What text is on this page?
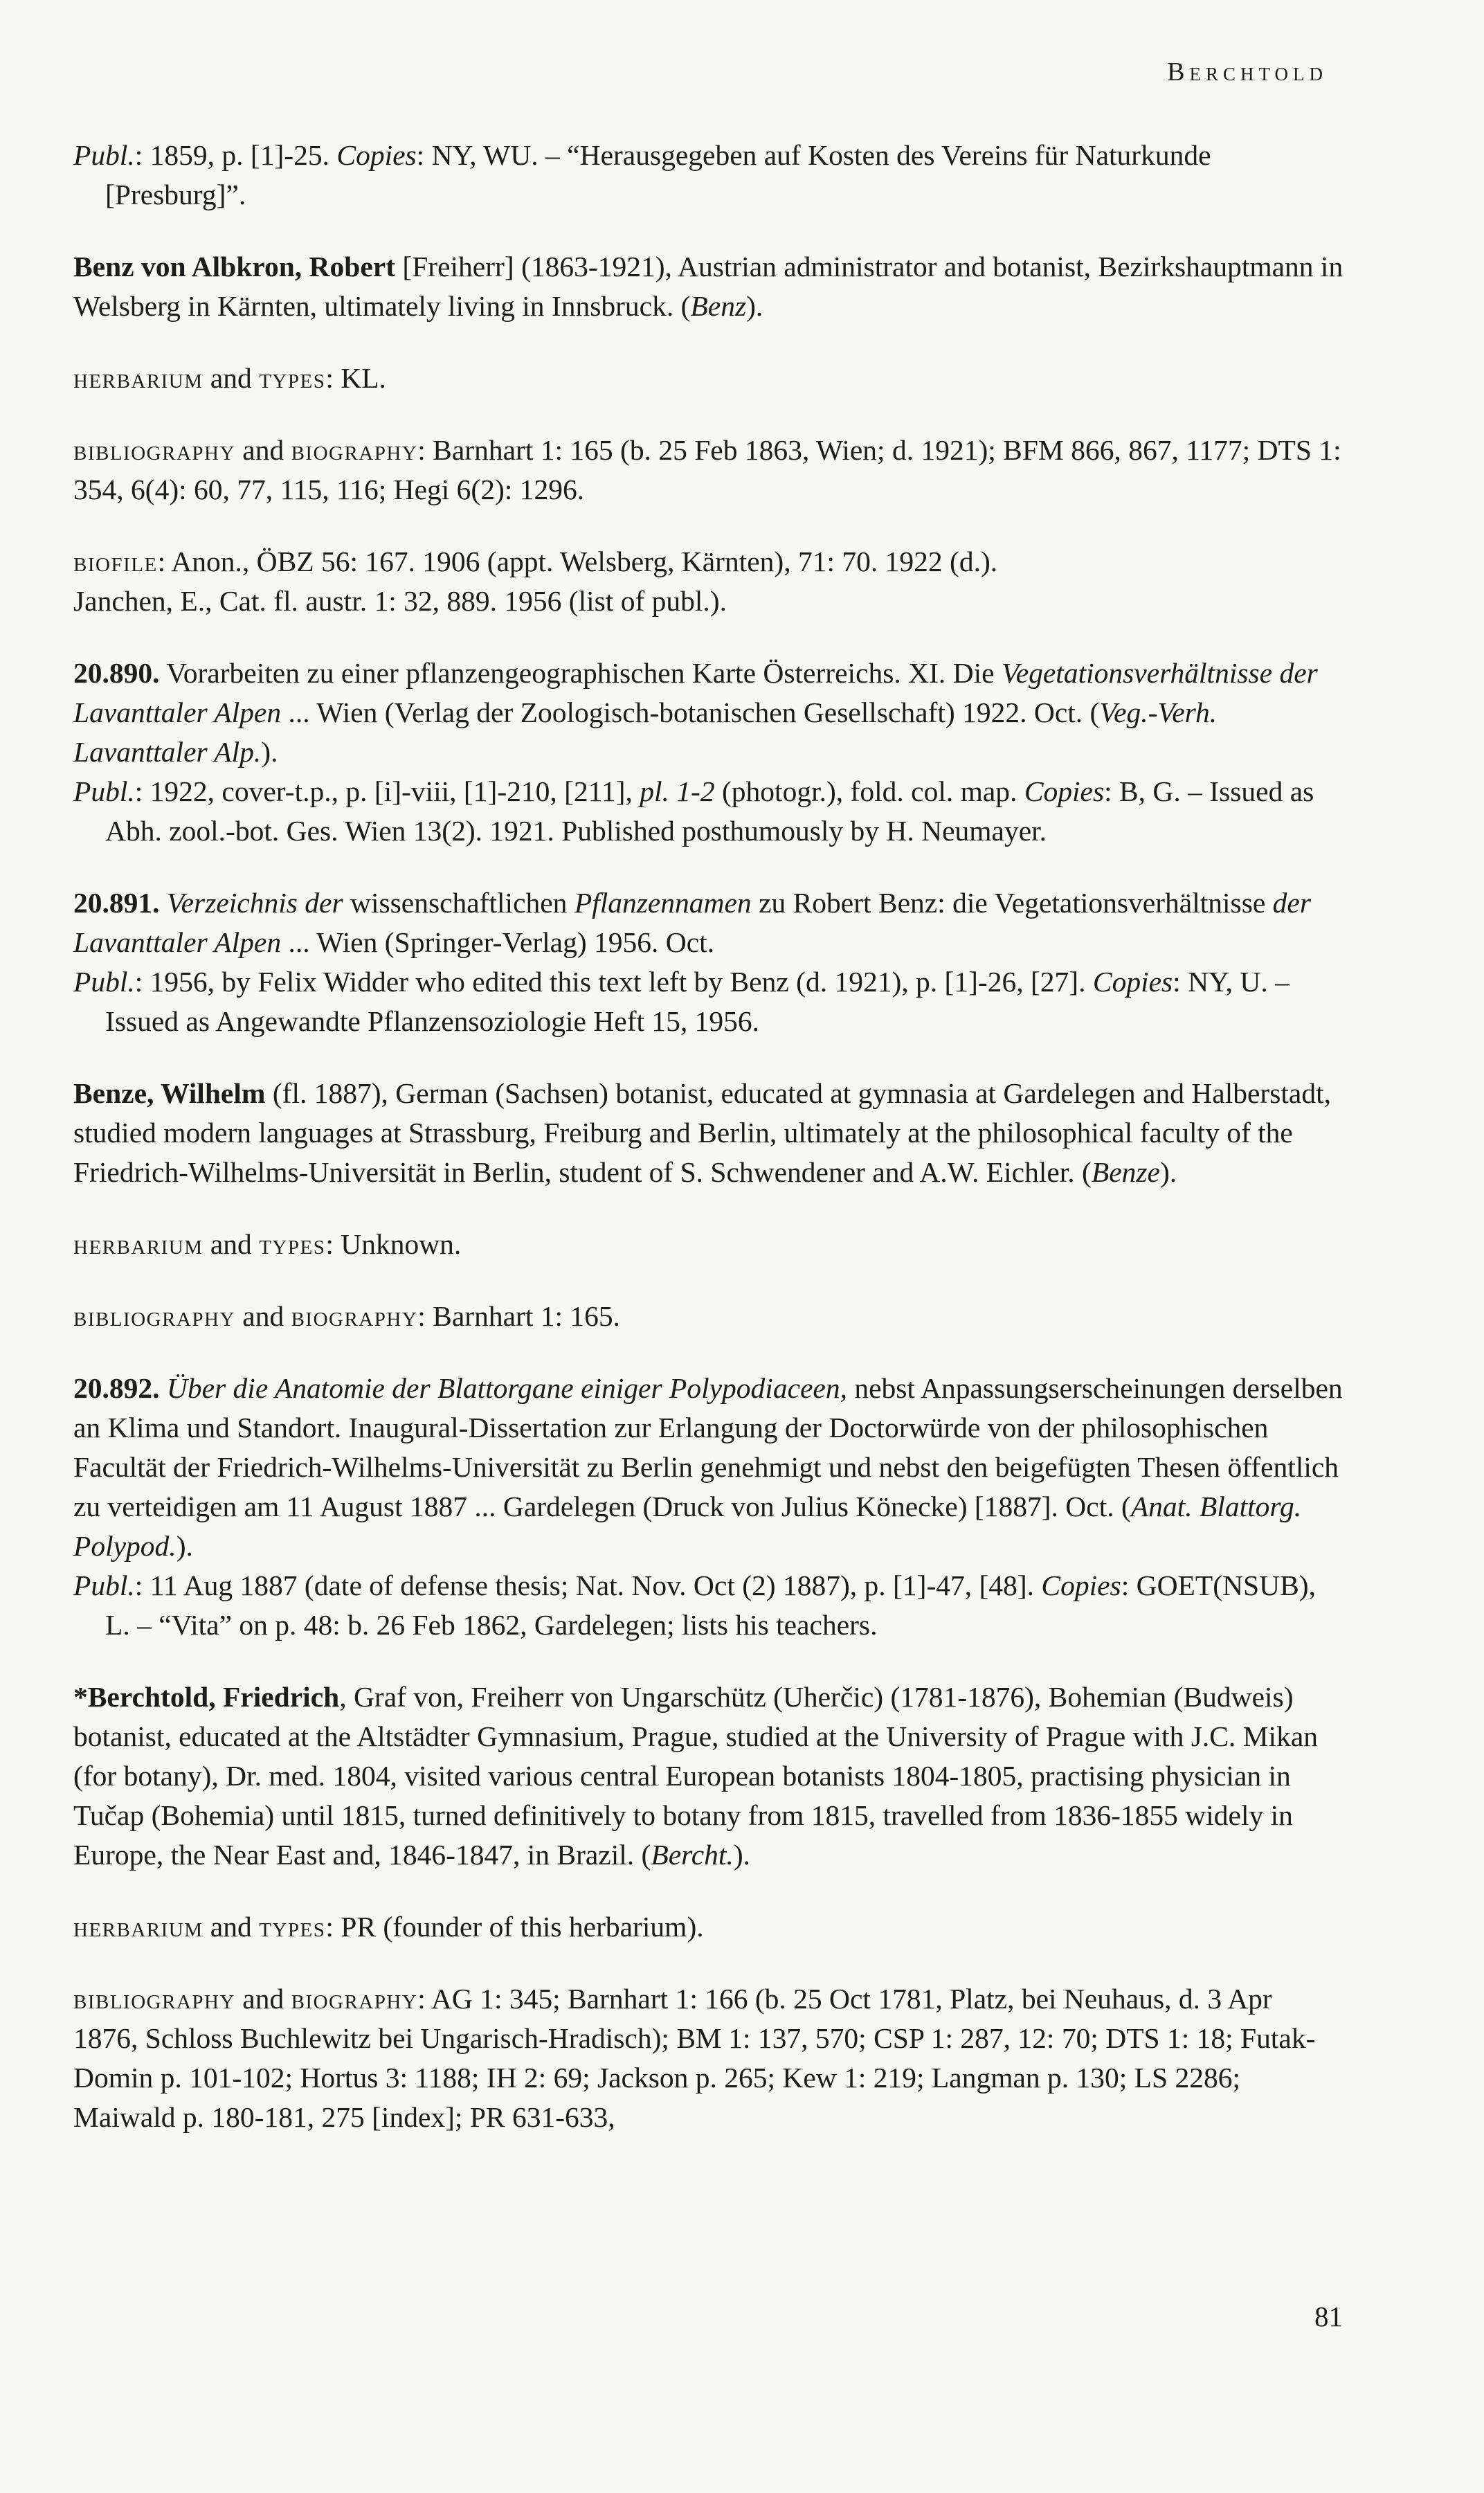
Berchtold

Publ.: 1859, p. [1]-25. Copies: NY, WU. – “Herausgegeben auf Kosten des Vereins für Naturkunde [Presburg]”.

Benz von Albkron, Robert [Freiherr] (1863-1921), Austrian administrator and botanist, Bezirkshauptmann in Welsberg in Kärnten, ultimately living in Innsbruck. (Benz).

herbarium and types: KL.

bibliography and biography: Barnhart 1: 165 (b. 25 Feb 1863, Wien; d. 1921); BFM 866, 867, 1177; DTS 1: 354, 6(4): 60, 77, 115, 116; Hegi 6(2): 1296.

biofile: Anon., ÖBZ 56: 167. 1906 (appt. Welsberg, Kärnten), 71: 70. 1922 (d.).

Janchen, E., Cat. fl. austr. 1: 32, 889. 1956 (list of publ.).

20.890. Vorarbeiten zu einer pflanzengeographischen Karte Österreichs. XI. Die Vegetationsverhältnisse der Lavanttaler Alpen ... Wien (Verlag der Zoologisch-botanischen Gesellschaft) 1922. Oct. (Veg.-Verh. Lavanttaler Alp.).

Publ.: 1922, cover-t.p., p. [i]-viii, [1]-210, [211], pl. 1-2 (photogr.), fold. col. map. Copies: B, G. – Issued as Abh. zool.-bot. Ges. Wien 13(2). 1921. Published posthumously by H. Neumayer.

20.891. Verzeichnis der wissenschaftlichen Pflanzennamen zu Robert Benz: die Vegetationsverhältnisse der Lavanttaler Alpen ... Wien (Springer-Verlag) 1956. Oct.

Publ.: 1956, by Felix Widder who edited this text left by Benz (d. 1921), p. [1]-26, [27]. Copies: NY, U. – Issued as Angewandte Pflanzensoziologie Heft 15, 1956.

Benze, Wilhelm (fl. 1887), German (Sachsen) botanist, educated at gymnasia at Gardelegen and Halberstadt, studied modern languages at Strassburg, Freiburg and Berlin, ultimately at the philosophical faculty of the Friedrich-Wilhelms-Universität in Berlin, student of S. Schwendener and A.W. Eichler. (Benze).

herbarium and types: Unknown.

bibliography and biography: Barnhart 1: 165.

20.892. Über die Anatomie der Blattorgane einiger Polypodiaceen, nebst Anpassungserscheinungen derselben an Klima und Standort. Inaugural-Dissertation zur Erlangung der Doctorwürde von der philosophischen Facultät der Friedrich-Wilhelms-Universität zu Berlin genehmigt und nebst den beigefügten Thesen öffentlich zu verteidigen am 11 August 1887 ... Gardelegen (Druck von Julius Könecke) [1887]. Oct. (Anat. Blattorg. Polypod.).

Publ.: 11 Aug 1887 (date of defense thesis; Nat. Nov. Oct (2) 1887), p. [1]-47, [48]. Copies: GOET(NSUB), L. – “Vita” on p. 48: b. 26 Feb 1862, Gardelegen; lists his teachers.

*Berchtold, Friedrich, Graf von, Freiherr von Ungarschütz (Uherčic) (1781-1876), Bohemian (Budweis) botanist, educated at the Altstädter Gymnasium, Prague, studied at the University of Prague with J.C. Mikan (for botany), Dr. med. 1804, visited various central European botanists 1804-1805, practising physician in Tučap (Bohemia) until 1815, turned definitively to botany from 1815, travelled from 1836-1855 widely in Europe, the Near East and, 1846-1847, in Brazil. (Bercht.).

herbarium and types: PR (founder of this herbarium).

bibliography and biography: AG 1: 345; Barnhart 1: 166 (b. 25 Oct 1781, Platz, bei Neuhaus, d. 3 Apr 1876, Schloss Buchlewitz bei Ungarisch-Hradisch); BM 1: 137, 570; CSP 1: 287, 12: 70; DTS 1: 18; Futak-Domin p. 101-102; Hortus 3: 1188; IH 2: 69; Jackson p. 265; Kew 1: 219; Langman p. 130; LS 2286; Maiwald p. 180-181, 275 [index]; PR 631-633,

81
